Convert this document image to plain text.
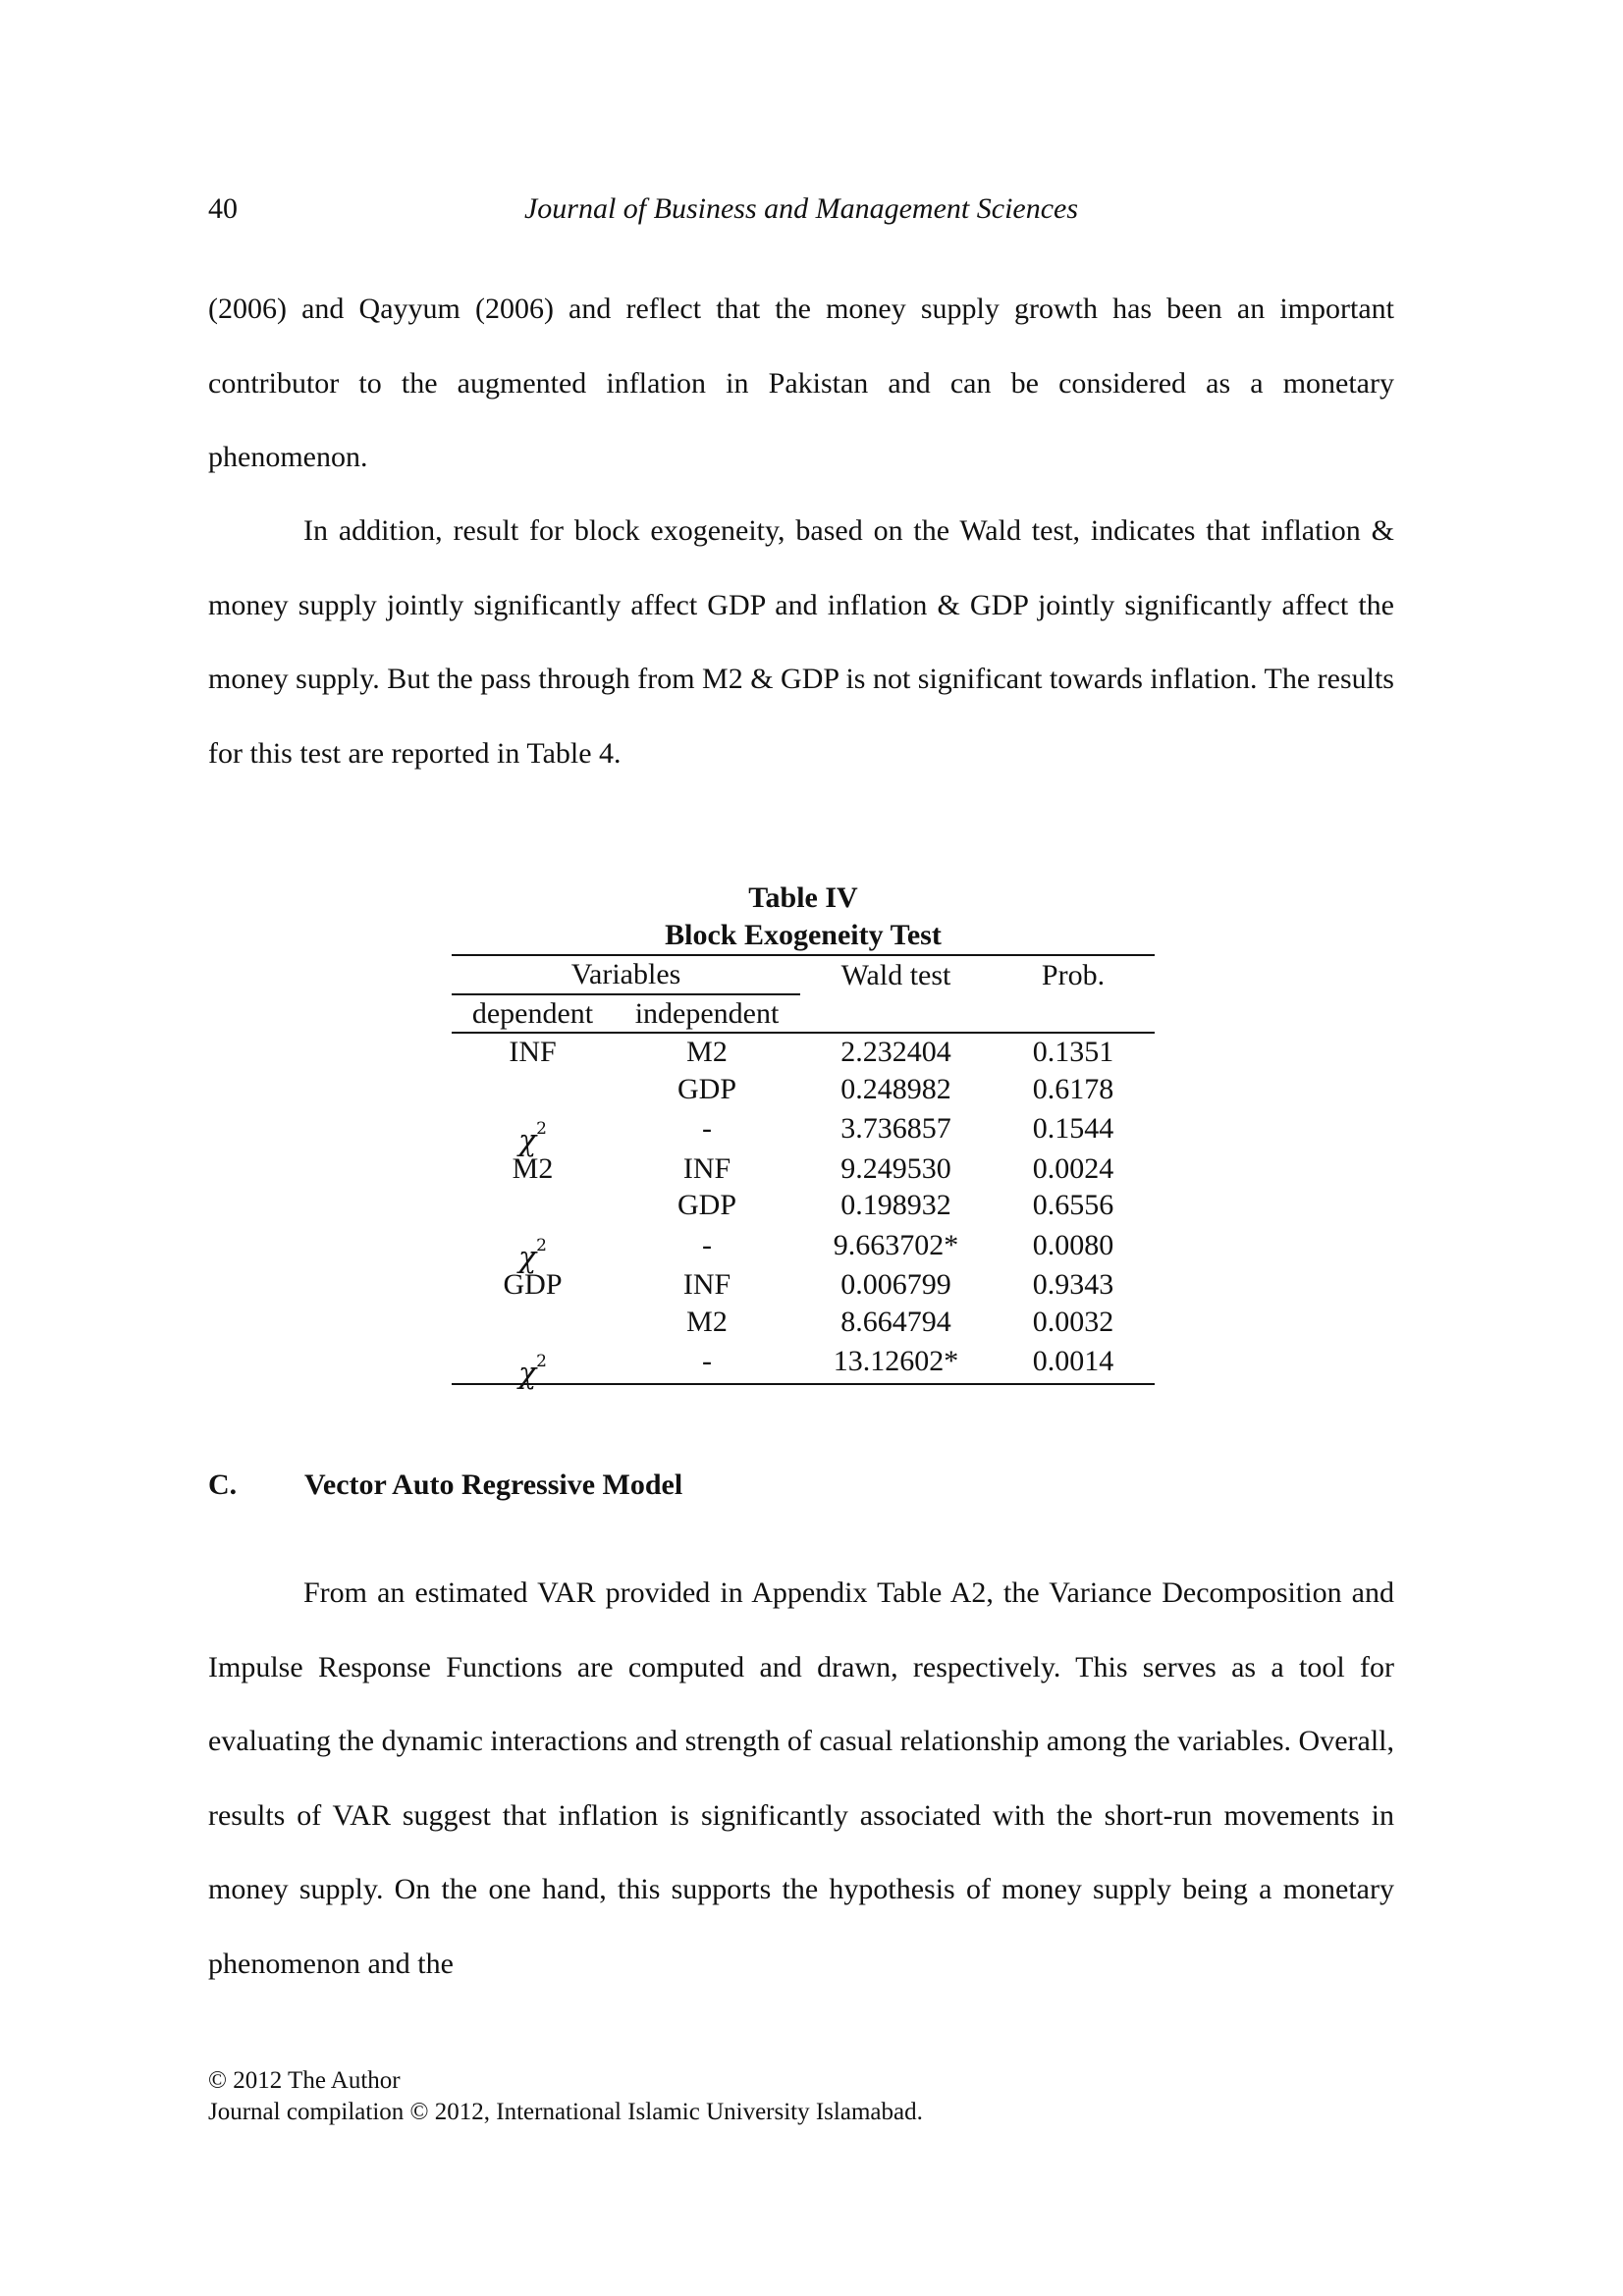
40	Journal of Business and Management Sciences

(2006) and Qayyum (2006) and reflect that the money supply growth has been an important contributor to the augmented inflation in Pakistan and can be considered as a monetary phenomenon.

In addition, result for block exogeneity, based on the Wald test, indicates that inflation & money supply jointly significantly affect GDP and inflation & GDP jointly significantly affect the money supply. But the pass through from M2 & GDP is not significant towards inflation. The results for this test are reported in Table 4.

Table IV
Block Exogeneity Test
Variables		Wald test	Prob.
dependent	independent		
INF	M2	2.232404	0.1351
	GDP	0.248982	0.6178
$\chi^2$	-	3.736857	0.1544
M2	INF	9.249530	0.0024
	GDP	0.198932	0.6556
$\chi^2$	-	9.663702*	0.0080
GDP	INF	0.006799	0.9343
	M2	8.664794	0.0032
$\chi^2$	-	13.12602*	0.0014
C. Vector Auto Regressive Model

From an estimated VAR provided in Appendix Table A2, the Variance Decomposition and Impulse Response Functions are computed and drawn, respectively. This serves as a tool for evaluating the dynamic interactions and strength of casual relationship among the variables. Overall, results of VAR suggest that inflation is significantly associated with the short-run movements in money supply. On the one hand, this supports the hypothesis of money supply being a monetary phenomenon and the

© 2012 The Author
Journal compilation © 2012, International Islamic University Islamabad.
